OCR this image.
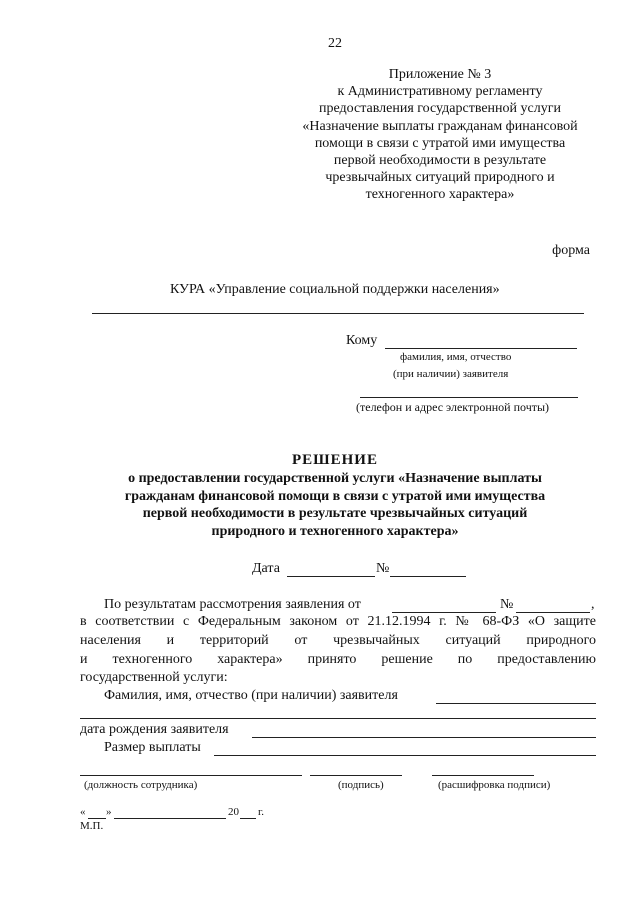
22
Приложение № 3
к Административному регламенту
предоставления государственной услуги
«Назначение выплаты гражданам финансовой
помощи в связи с утратой ими имущества
первой необходимости в результате
чрезвычайных ситуаций природного и
техногенного характера»
форма
КУРА «Управление социальной поддержки населения»
Кому
фамилия, имя, отчество
(при наличии) заявителя
(телефон и адрес электронной почты)
РЕШЕНИЕ
о предоставлении государственной услуги «Назначение выплаты
гражданам финансовой помощи в связи с утратой ими имущества
первой необходимости в результате чрезвычайных ситуаций
природного и техногенного характера»
Дата	№
По результатам рассмотрения заявления от	№	,
в соответствии с Федеральным законом от 21.12.1994 г. № 68-ФЗ «О защите
населения и территорий от чрезвычайных ситуаций природного
и техногенного характера» принято решение по предоставлению
государственной услуги:
Фамилия, имя, отчество (при наличии) заявителя
дата рождения заявителя
Размер выплаты
(должность сотрудника)	(подпись)	(расшифровка подписи)
« »	20 г.
М.П.
